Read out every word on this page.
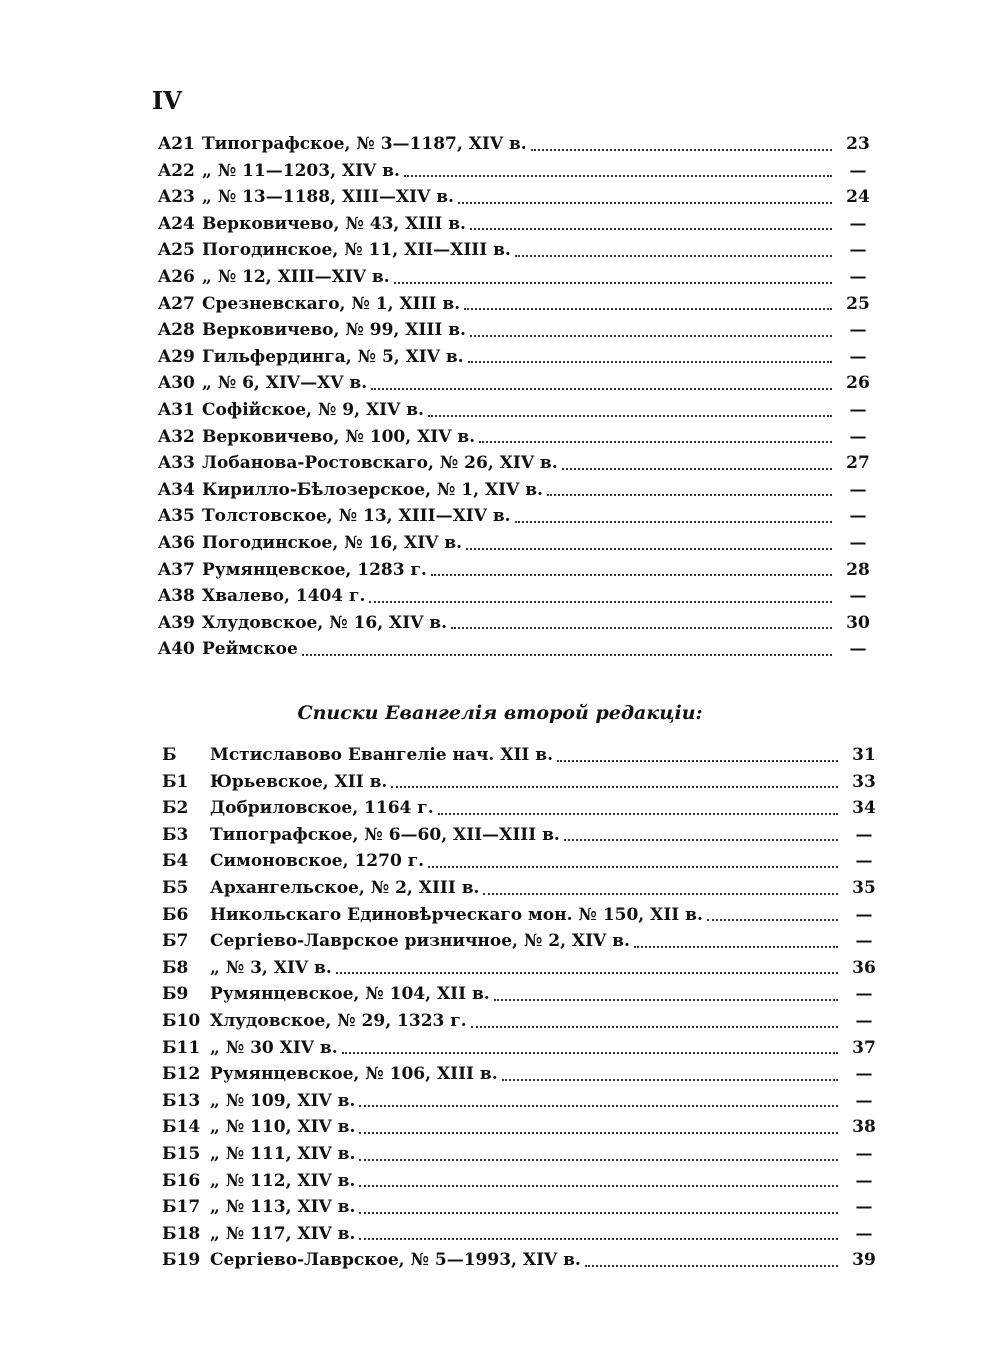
IV
A21 Типографское, № 3—1187, XIV в.	23
A22 „ № 11—1203, XIV в.	—
A23 „ № 13—1188, XIII—XIV в.	24
A24 Верковичево, № 43, XIII в.	—
A25 Погодинское, № 11, XII—XIII в.	—
A26 „ № 12, XIII—XIV в.	—
A27 Срезневскаго, № 1, XIII в.	25
A28 Верковичево, № 99, XIII в.	—
A29 Гильфердинга, № 5, XIV в.	—
A30 „ № 6, XIV—XV в.	26
A31 Софійское, № 9, XIV в.	—
A32 Верковичево, № 100, XIV в.	—
A33 Лобанова-Ростовскаго, № 26, XIV в.	27
A34 Кирилло-Бѣлозерское, № 1, XIV в.	—
A35 Толстовское, № 13, XIII—XIV в.	—
A36 Погодинское, № 16, XIV в.	—
A37 Румянцевское, 1283 г.	28
A38 Хвалево, 1404 г.	—
A39 Хлудовское, № 16, XIV в.	30
A40 Реймское	—
Списки Евангелія второй редакціи:
Б	Мстиславово Евангеліе нач. XII в.	31
Б1	Юрьевское, XII в.	33
Б2	Добриловское, 1164 г.	34
Б3	Типографское, № 6—60, XII—XIII в.	—
Б4	Симоновское, 1270 г.	—
Б5	Архангельское, № 2, XIII в.	35
Б6	Никольскаго Единовѣрческаго мон. № 150, XII в.	—
Б7	Сергіево-Лаврское ризничное, № 2, XIV в.	—
Б8	„ № 3, XIV в.	36
Б9	Румянцевское, № 104, XII в.	—
Б10 Хлудовское, № 29, 1323 г.	—
Б11 „ № 30 XIV в.	37
Б12 Румянцевское, № 106, XIII в.	—
Б13 „ № 109, XIV в.	—
Б14 „ № 110, XIV в.	38
Б15 „ № 111, XIV в.	—
Б16 „ № 112, XIV в.	—
Б17 „ № 113, XIV в.	—
Б18 „ № 117, XIV в.	—
Б19 Сергіево-Лаврское, № 5—1993, XIV в.	39
